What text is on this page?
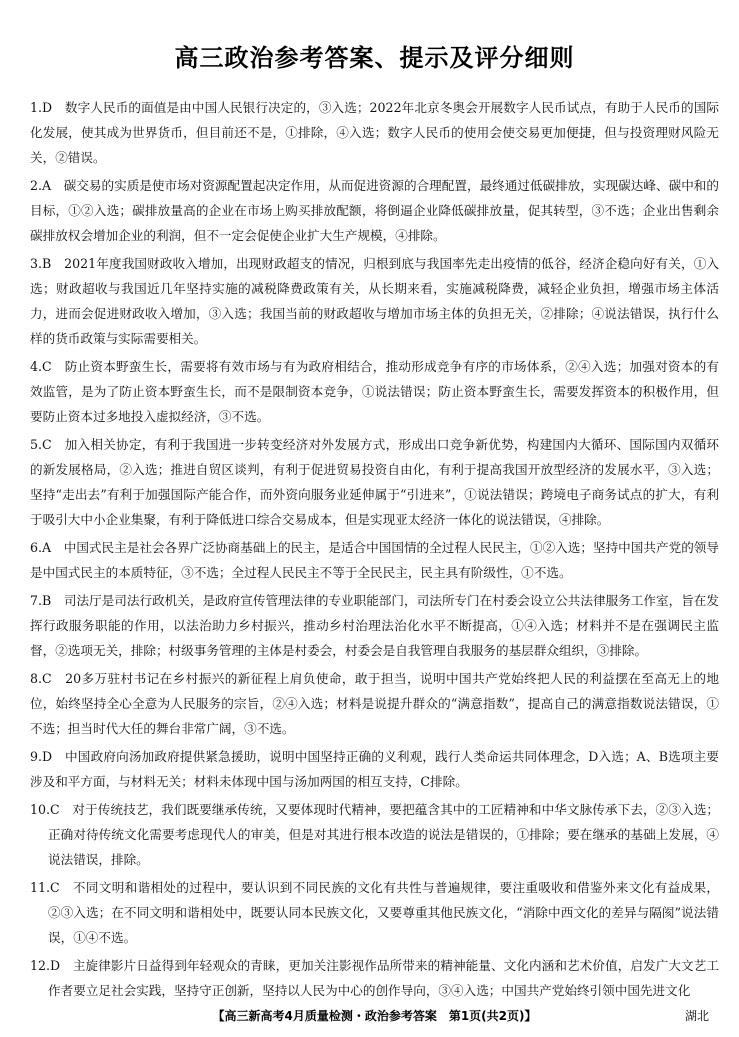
高三政治参考答案、提示及评分细则

1.D　数字人民币的面值是由中国人民银行决定的，③入选；2022年北京冬奥会开展数字人民币试点，有助于人民币的国际化发展，使其成为世界货币，但目前还不是，①排除，④入选；数字人民币的使用会使交易更加便捷，但与投资理财风险无关，②错误。

2.A　碳交易的实质是使市场对资源配置起决定作用，从而促进资源的合理配置，最终通过低碳排放，实现碳达峰、碳中和的目标，①②入选；碳排放量高的企业在市场上购买排放配额，将倒逼企业降低碳排放量，促其转型，③不选；企业出售剩余碳排放权会增加企业的利润，但不一定会促使企业扩大生产规模，④排除。

3.B　2021年度我国财政收入增加，出现财政超支的情况，归根到底与我国率先走出疫情的低谷，经济企稳向好有关，①入选；财政超收与我国近几年坚持实施的减税降费政策有关，从长期来看，实施减税降费，减轻企业负担，增强市场主体活力，进而会促进财政收入增加，③入选；我国当前的财政超收与增加市场主体的负担无关，②排除；④说法错误，执行什么样的货币政策与实际需要相关。

4.C　防止资本野蛮生长，需要将有效市场与有为政府相结合，推动形成竞争有序的市场体系，②④入选；加强对资本的有效监管，是为了防止资本野蛮生长，而不是限制资本竞争，①说法错误；防止资本野蛮生长，需要发挥资本的积极作用，但要防止资本过多地投入虚拟经济，③不选。

5.C　加入相关协定，有利于我国进一步转变经济对外发展方式，形成出口竞争新优势，构建国内大循环、国际国内双循环的新发展格局，②入选；推进自贸区谈判，有利于促进贸易投资自由化，有利于提高我国开放型经济的发展水平，③入选；坚持“走出去”有利于加强国际产能合作，而外资向服务业延伸属于“引进来”，①说法错误；跨境电子商务试点的扩大，有利于吸引大中小企业集聚，有利于降低进口综合交易成本，但是实现亚太经济一体化的说法错误，④排除。

6.A　中国式民主是社会各界广泛协商基础上的民主，是适合中国国情的全过程人民民主，①②入选；坚持中国共产党的领导是中国式民主的本质特征，③不选；全过程人民民主不等于全民民主，民主具有阶级性，①不选。

7.B　司法厅是司法行政机关，是政府宣传管理法律的专业职能部门，司法所专门在村委会设立公共法律服务工作室，旨在发挥行政服务职能的作用，以法治助力乡村振兴，推动乡村治理法治化水平不断提高，①④入选；材料并不是在强调民主监督，②选项无关，排除；村级事务管理的主体是村委会，村委会是自我管理自我服务的基层群众组织，③排除。

8.C　20多万驻村书记在乡村振兴的新征程上肩负使命，敢于担当，说明中国共产党始终把人民的利益摆在至高无上的地位，始终坚持全心全意为人民服务的宗旨，②④入选；材料是说提升群众的“满意指数”，提高自己的满意指数说法错误，①不选；担当时代大任的舞台非常广阔，③不选。

9.D　中国政府向汤加政府提供紧急援助，说明中国坚持正确的义利观，践行人类命运共同体理念，D入选；A、B选项主要涉及和平方面，与材料无关；材料未体现中国与汤加两国的相互支持，C排除。

10.C　对于传统技艺，我们既要继承传统，又要体现时代精神，要把蕴含其中的工匠精神和中华文脉传承下去，②③入选；正确对待传统文化需要考虑现代人的审美，但是对其进行根本改造的说法是错误的，①排除；要在继承的基础上发展，④说法错误，排除。

11.C　不同文明和谐相处的过程中，要认识到不同民族的文化有共性与普遍规律，要注重吸收和借鉴外来文化有益成果，②③入选；在不同文明和谐相处中，既要认同本民族文化，又要尊重其他民族文化，“消除中西文化的差异与隔阂”说法错误，①④不选。

12.D　主旋律影片日益得到年轻观众的青睐，更加关注影视作品所带来的精神能量、文化内涵和艺术价值，启发广大文艺工作者要立足社会实践，坚持守正创新，坚持以人民为中心的创作导向，③④入选；中国共产党始终引领中国先进文化

【高三新高考4月质量检测・政治参考答案　第1页(共2页)】	湖北
